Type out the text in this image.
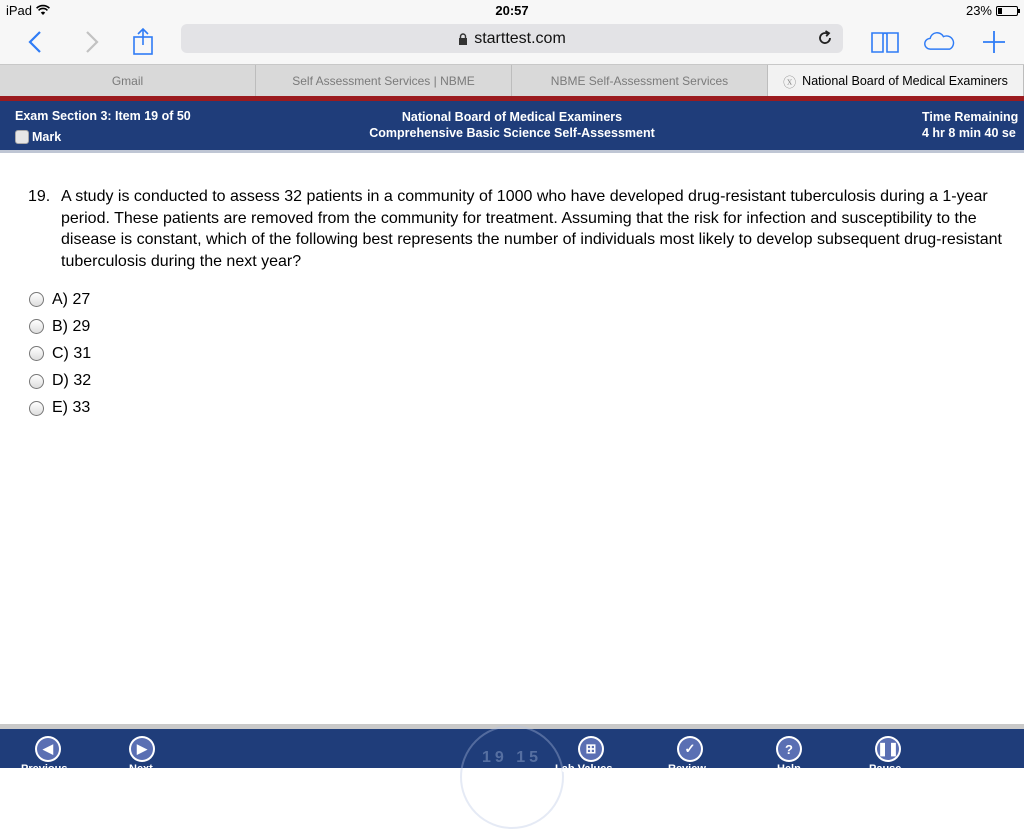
iPad	20:57	23%
starttest.com
Gmail	Self Assessment Services | NBME	NBME Self-Assessment Services	ⓧ National Board of Medical Examiners
Exam Section 3: Item 19 of 50
Mark
National Board of Medical Examiners
Comprehensive Basic Science Self-Assessment
Time Remaining
4 hr 8 min 40 se
19. A study is conducted to assess 32 patients in a community of 1000 who have developed drug-resistant tuberculosis during a 1-year period. These patients are removed from the community for treatment. Assuming that the risk for infection and susceptibility to the disease is constant, which of the following best represents the number of individuals most likely to develop subsequent drug-resistant tuberculosis during the next year?
A) 27
B) 29
C) 31
D) 32
E) 33
19 15
◀
Previous
▶
Next
⊞
Lab Values
✓
Review
?
Help
❚❚
Pause
